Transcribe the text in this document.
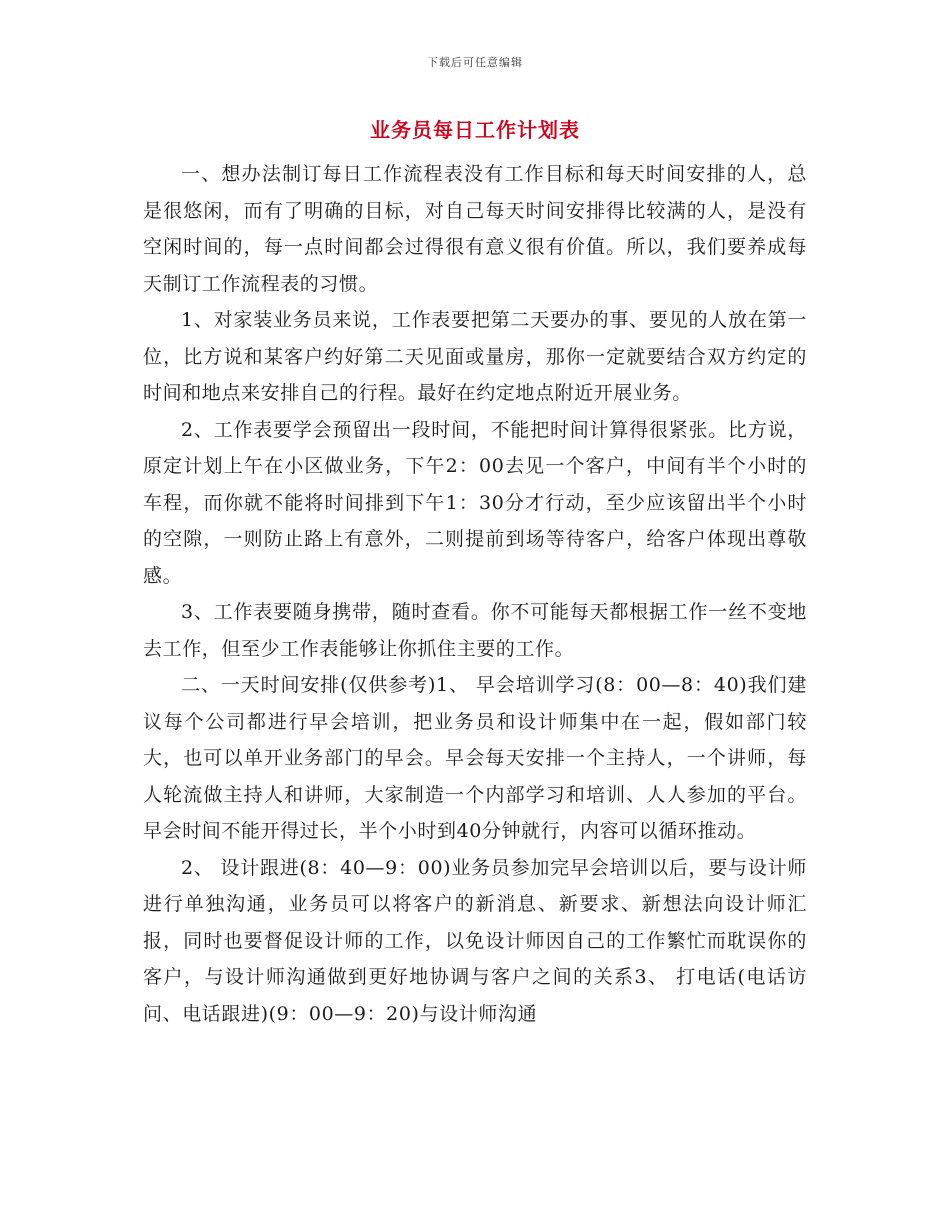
下载后可任意编辑
业务员每日工作计划表

一、想办法制订每日工作流程表没有工作目标和每天时间安排的人，总是很悠闲，而有了明确的目标，对自己每天时间安排得比较满的人，是没有空闲时间的，每一点时间都会过得很有意义很有价值。所以，我们要养成每天制订工作流程表的习惯。

1、对家装业务员来说，工作表要把第二天要办的事、要见的人放在第一位，比方说和某客户约好第二天见面或量房，那你一定就要结合双方约定的时间和地点来安排自己的行程。最好在约定地点附近开展业务。

2、工作表要学会预留出一段时间，不能把时间计算得很紧张。比方说，原定计划上午在小区做业务，下午2：00去见一个客户，中间有半个小时的车程，而你就不能将时间排到下午1：30分才行动，至少应该留出半个小时的空隙，一则防止路上有意外，二则提前到场等待客户，给客户体现出尊敬感。

3、工作表要随身携带，随时查看。你不可能每天都根据工作一丝不变地去工作，但至少工作表能够让你抓住主要的工作。

二、一天时间安排(仅供参考)1、 早会培训学习(8：00—8：40)我们建议每个公司都进行早会培训，把业务员和设计师集中在一起，假如部门较大，也可以单开业务部门的早会。早会每天安排一个主持人，一个讲师，每人轮流做主持人和讲师，大家制造一个内部学习和培训、人人参加的平台。早会时间不能开得过长，半个小时到40分钟就行，内容可以循环推动。

2、 设计跟进(8：40—9：00)业务员参加完早会培训以后，要与设计师进行单独沟通，业务员可以将客户的新消息、新要求、新想法向设计师汇报，同时也要督促设计师的工作，以免设计师因自己的工作繁忙而耽误你的客户，与设计师沟通做到更好地协调与客户之间的关系3、 打电话(电话访问、电话跟进)(9：00—9：20)与设计师沟通
